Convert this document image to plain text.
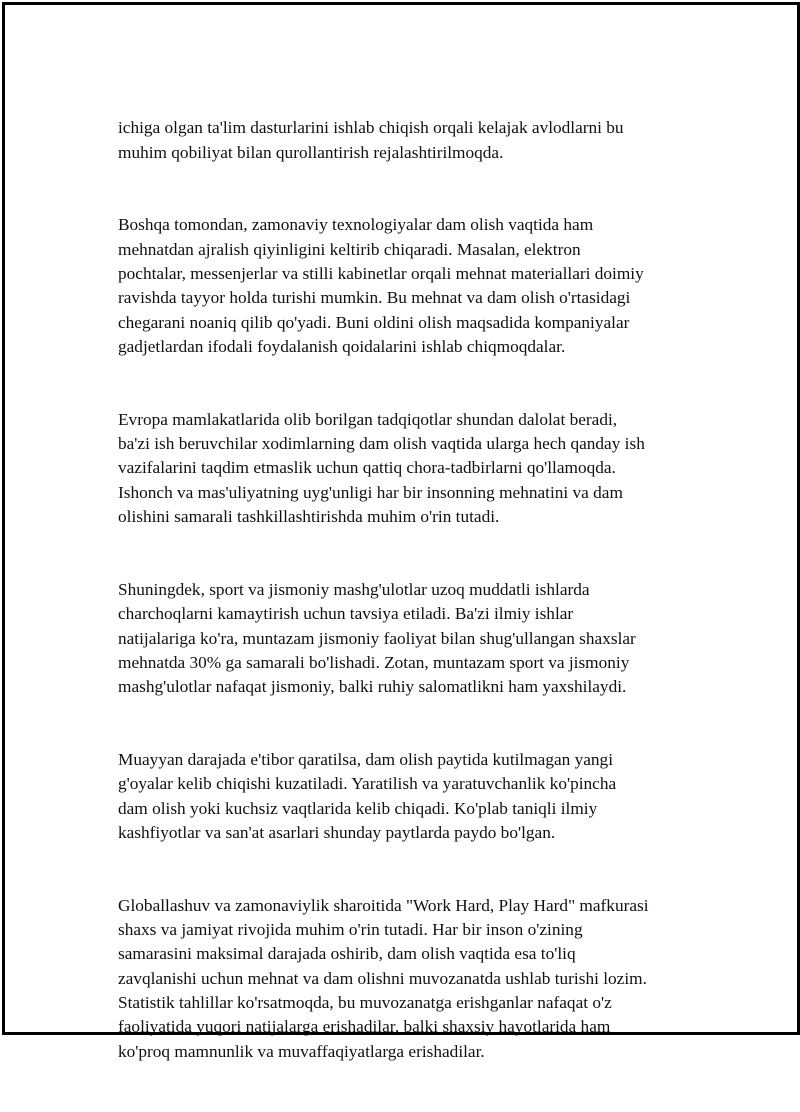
ichiga olgan ta'lim dasturlarini ishlab chiqish orqali kelajak avlodlarni bu
muhim qobiliyat bilan qurollantirish rejalashtirilmoqda.

Boshqa tomondan, zamonaviy texnologiyalar dam olish vaqtida ham
mehnatdan ajralish qiyinligini keltirib chiqaradi. Masalan, elektron
pochtalar, messenjerlar va stilli kabinetlar orqali mehnat materiallari doimiy
ravishda tayyor holda turishi mumkin. Bu mehnat va dam olish o'rtasidagi
chegarani noaniq qilib qo'yadi. Buni oldini olish maqsadida kompaniyalar
gadjetlardan ifodali foydalanish qoidalarini ishlab chiqmoqdalar.

Evropa mamlakatlarida olib borilgan tadqiqotlar shundan dalolat beradi,
ba'zi ish beruvchilar xodimlarning dam olish vaqtida ularga hech qanday ish
vazifalarini taqdim etmaslik uchun qattiq chora-tadbirlarni qo'llamoqda.
Ishonch va mas'uliyatning uyg'unligi har bir insonning mehnatini va dam
olishini samarali tashkillashtirishda muhim o'rin tutadi.

Shuningdek, sport va jismoniy mashg'ulotlar uzoq muddatli ishlarda
charchoqlarni kamaytirish uchun tavsiya etiladi. Ba'zi ilmiy ishlar
natijalariga ko'ra, muntazam jismoniy faoliyat bilan shug'ullangan shaxslar
mehnatda 30% ga samarali bo'lishadi. Zotan, muntazam sport va jismoniy
mashg'ulotlar nafaqat jismoniy, balki ruhiy salomatlikni ham yaxshilaydi.

Muayyan darajada e'tibor qaratilsa, dam olish paytida kutilmagan yangi
g'oyalar kelib chiqishi kuzatiladi. Yaratilish va yaratuvchanlik ko'pincha
dam olish yoki kuchsiz vaqtlarida kelib chiqadi. Ko'plab taniqli ilmiy
kashfiyotlar va san'at asarlari shunday paytlarda paydo bo'lgan.

Globallashuv va zamonaviylik sharoitida "Work Hard, Play Hard" mafkurasi
shaxs va jamiyat rivojida muhim o'rin tutadi. Har bir inson o'zining
samarasini maksimal darajada oshirib, dam olish vaqtida esa to'liq
zavqlanishi uchun mehnat va dam olishni muvozanatda ushlab turishi lozim.
Statistik tahlillar ko'rsatmoqda, bu muvozanatga erishganlar nafaqat o'z
faoliyatida yuqori natijalarga erishadilar, balki shaxsiy hayotlarida ham
ko'proq mamnunlik va muvaffaqiyatlarga erishadilar.
